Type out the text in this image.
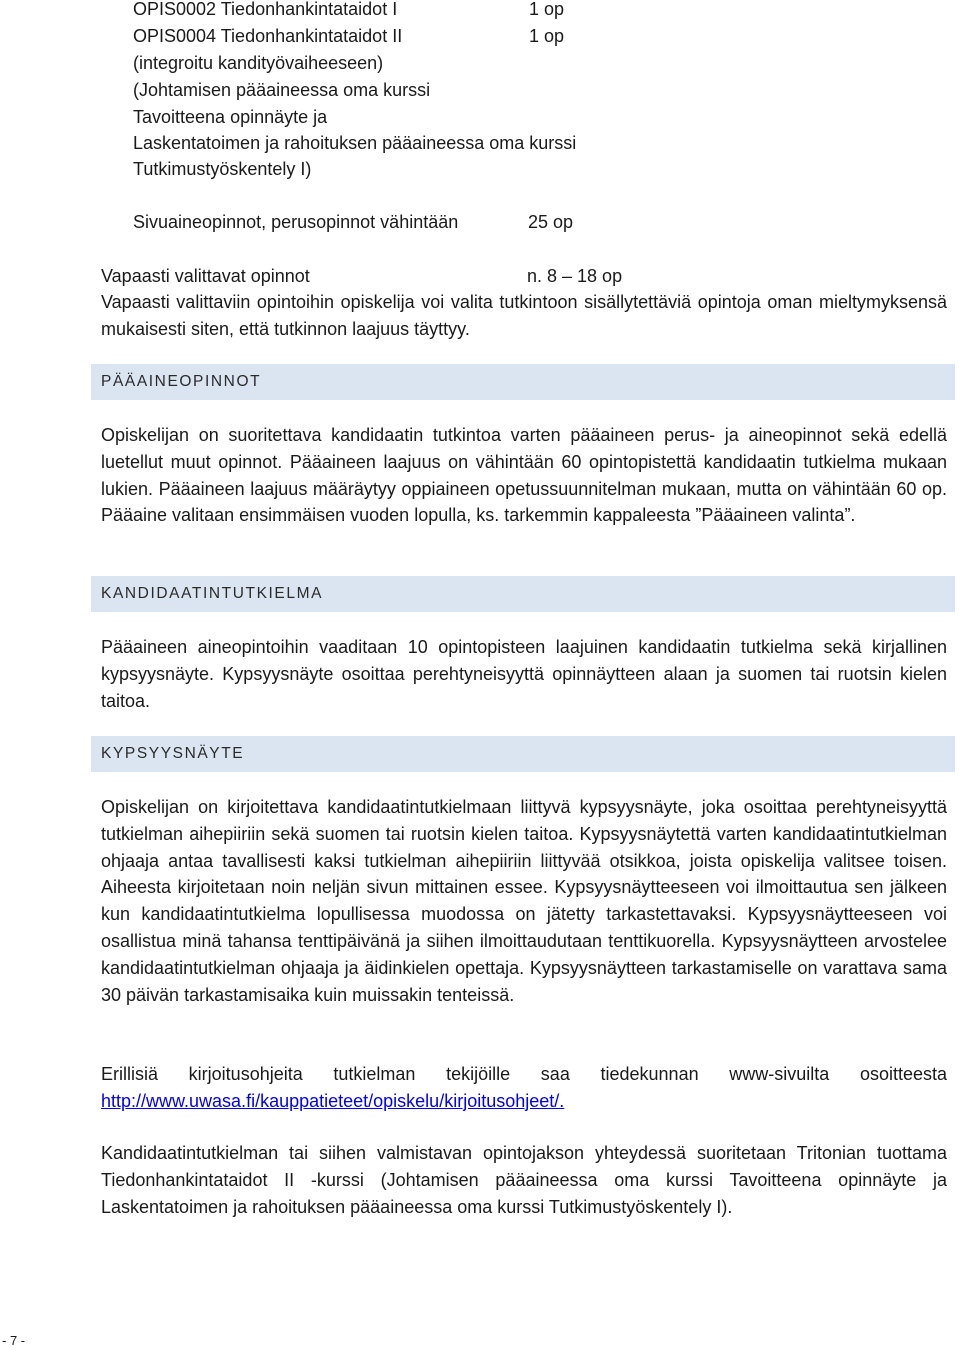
OPIS0002 Tiedonhankintataidot I	1 op
OPIS0004 Tiedonhankintataidot II	1 op
(integroitu kandityövaiheeseen)
(Johtamisen pääaineessa oma kurssi
Tavoitteena opinnäyte ja
Laskentatoimen ja rahoituksen pääaineessa oma kurssi
Tutkimustyöskentely I)
Sivuaineopinnot, perusopinnot vähintään	25 op
Vapaasti valittavat opinnot	n. 8 – 18 op

Vapaasti valittaviin opintoihin opiskelija voi valita tutkintoon sisällytettäviä opintoja oman mieltymyksensä mukaisesti siten, että tutkinnon laajuus täyttyy.

PÄÄAINEOPINNOT

Opiskelijan on suoritettava kandidaatin tutkintoa varten pääaineen perus- ja aineopinnot sekä edellä luetellut muut opinnot. Pääaineen laajuus on vähintään 60 opintopistettä kandidaatin tutkielma mukaan lukien. Pääaineen laajuus määräytyy oppiaineen opetussuunnitelman mukaan, mutta on vähintään 60 op. Pääaine valitaan ensimmäisen vuoden lopulla, ks. tarkemmin kappaleesta ”Pääaineen valinta”.

KANDIDAATINTUTKIELMA

Pääaineen aineopintoihin vaaditaan 10 opintopisteen laajuinen kandidaatin tutkielma sekä kirjallinen kypsyysnäyte. Kypsyysnäyte osoittaa perehtyneisyyttä opinnäytteen alaan ja suomen tai ruotsin kielen taitoa.

KYPSYYSNÄYTE

Opiskelijan on kirjoitettava kandidaatintutkielmaan liittyvä kypsyysnäyte, joka osoittaa perehtyneisyyttä tutkielman aihepiiriin sekä suomen tai ruotsin kielen taitoa. Kypsyysnäytettä varten kandidaatintutkielman ohjaaja antaa tavallisesti kaksi tutkielman aihepiiriin liittyvää otsikkoa, joista opiskelija valitsee toisen. Aiheesta kirjoitetaan noin neljän sivun mittainen essee. Kypsyysnäytteeseen voi ilmoittautua sen jälkeen kun kandidaatintutkielma lopullisessa muodossa on jätetty tarkastettavaksi. Kypsyysnäytteeseen voi osallistua minä tahansa tenttipäivänä ja siihen ilmoittaudutaan tenttikuorella. Kypsyysnäytteen arvostelee kandidaatintutkielman ohjaaja ja äidinkielen opettaja. Kypsyysnäytteen tarkastamiselle on varattava sama 30 päivän tarkastamisaika kuin muissakin tenteissä.

Erillisiä kirjoitusohjeita tutkielman tekijöille saa tiedekunnan www-sivuilta osoitteesta http://www.uwasa.fi/kauppatieteet/opiskelu/kirjoitusohjeet/.

Kandidaatintutkielman tai siihen valmistavan opintojakson yhteydessä suoritetaan Tritonian tuottama Tiedonhankintataidot II -kurssi (Johtamisen pääaineessa oma kurssi Tavoitteena opinnäyte ja Laskentatoimen ja rahoituksen pääaineessa oma kurssi Tutkimustyöskentely I).

- 7 -
